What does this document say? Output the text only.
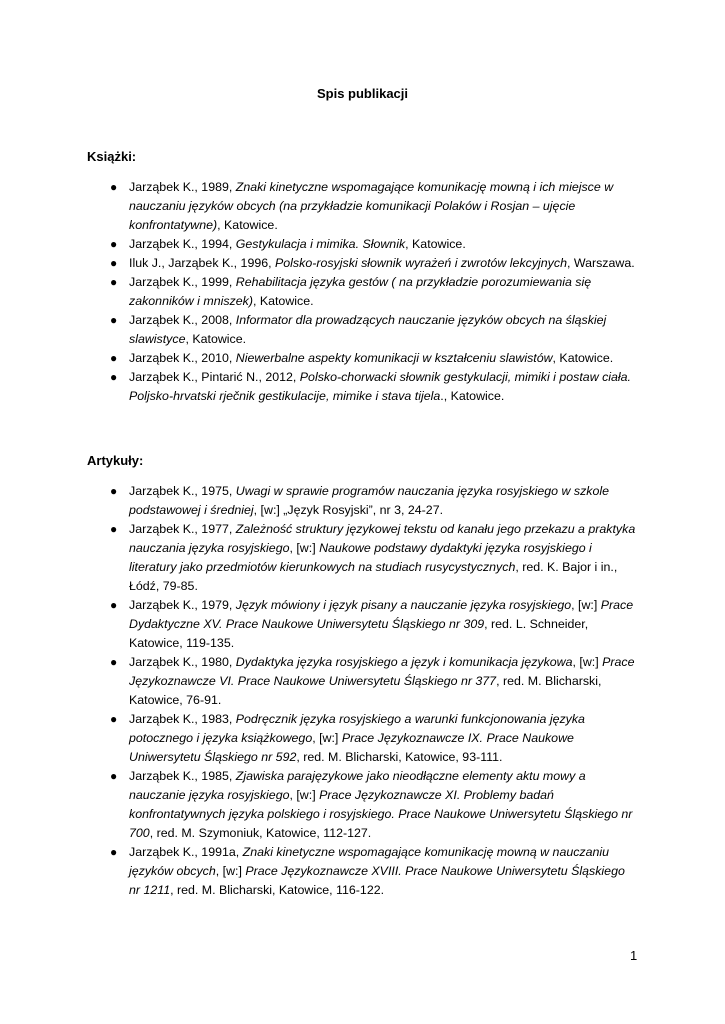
Spis publikacji
Książki:
● Jarząbek K., 1989, Znaki kinetyczne wspomagające komunikację mowną i ich miejsce w nauczaniu języków obcych (na przykładzie komunikacji Polaków i Rosjan – ujęcie konfrontatywne), Katowice.
● Jarząbek K., 1994, Gestykulacja i mimika. Słownik, Katowice.
● Iluk J., Jarząbek K., 1996, Polsko-rosyjski słownik wyrażeń i zwrotów lekcyjnych, Warszawa.
● Jarząbek K., 1999, Rehabilitacja języka gestów ( na przykładzie porozumiewania się zakonników i mniszek), Katowice.
● Jarząbek K., 2008, Informator dla prowadzących nauczanie języków obcych na śląskiej slawistyce, Katowice.
● Jarząbek K., 2010, Niewerbalne aspekty komunikacji w kształceniu slawistów, Katowice.
● Jarząbek K., Pintarić N., 2012, Polsko-chorwacki słownik gestykulacji, mimiki i postaw ciała. Poljsko-hrvatski rječnik gestikulacije, mimike i stava tijela., Katowice.
Artykuły:
● Jarząbek K., 1975, Uwagi w sprawie programów nauczania języka rosyjskiego w szkole podstawowej i średniej, [w:] „Język Rosyjski”, nr 3, 24-27.
● Jarząbek K., 1977, Zależność struktury językowej tekstu od kanału jego przekazu a praktyka nauczania języka rosyjskiego, [w:] Naukowe podstawy dydaktyki języka rosyjskiego i literatury jako przedmiotów kierunkowych na studiach rusycystycznych, red. K. Bajor i in., Łódź, 79-85.
● Jarząbek K., 1979, Język mówiony i język pisany a nauczanie języka rosyjskiego, [w:] Prace Dydaktyczne XV. Prace Naukowe Uniwersytetu Śląskiego nr 309, red. L. Schneider, Katowice, 119-135.
● Jarząbek K., 1980, Dydaktyka języka rosyjskiego a język i komunikacja językowa, [w:] Prace Językoznawcze VI. Prace Naukowe Uniwersytetu Śląskiego nr 377, red. M. Blicharski, Katowice, 76-91.
● Jarząbek K., 1983, Podręcznik języka rosyjskiego a warunki funkcjonowania języka potocznego i języka książkowego, [w:] Prace Językoznawcze IX. Prace Naukowe Uniwersytetu Śląskiego nr 592, red. M. Blicharski, Katowice, 93-111.
● Jarząbek K., 1985, Zjawiska parajęzykowe jako nieodłączne elementy aktu mowy a nauczanie języka rosyjskiego, [w:] Prace Językoznawcze XI. Problemy badań konfrontatywnych języka polskiego i rosyjskiego. Prace Naukowe Uniwersytetu Śląskiego nr 700, red. M. Szymoniuk, Katowice, 112-127.
● Jarząbek K., 1991a, Znaki kinetyczne wspomagające komunikację mowną w nauczaniu języków obcych, [w:] Prace Językoznawcze XVIII. Prace Naukowe Uniwersytetu Śląskiego nr 1211, red. M. Blicharski, Katowice, 116-122.
1
